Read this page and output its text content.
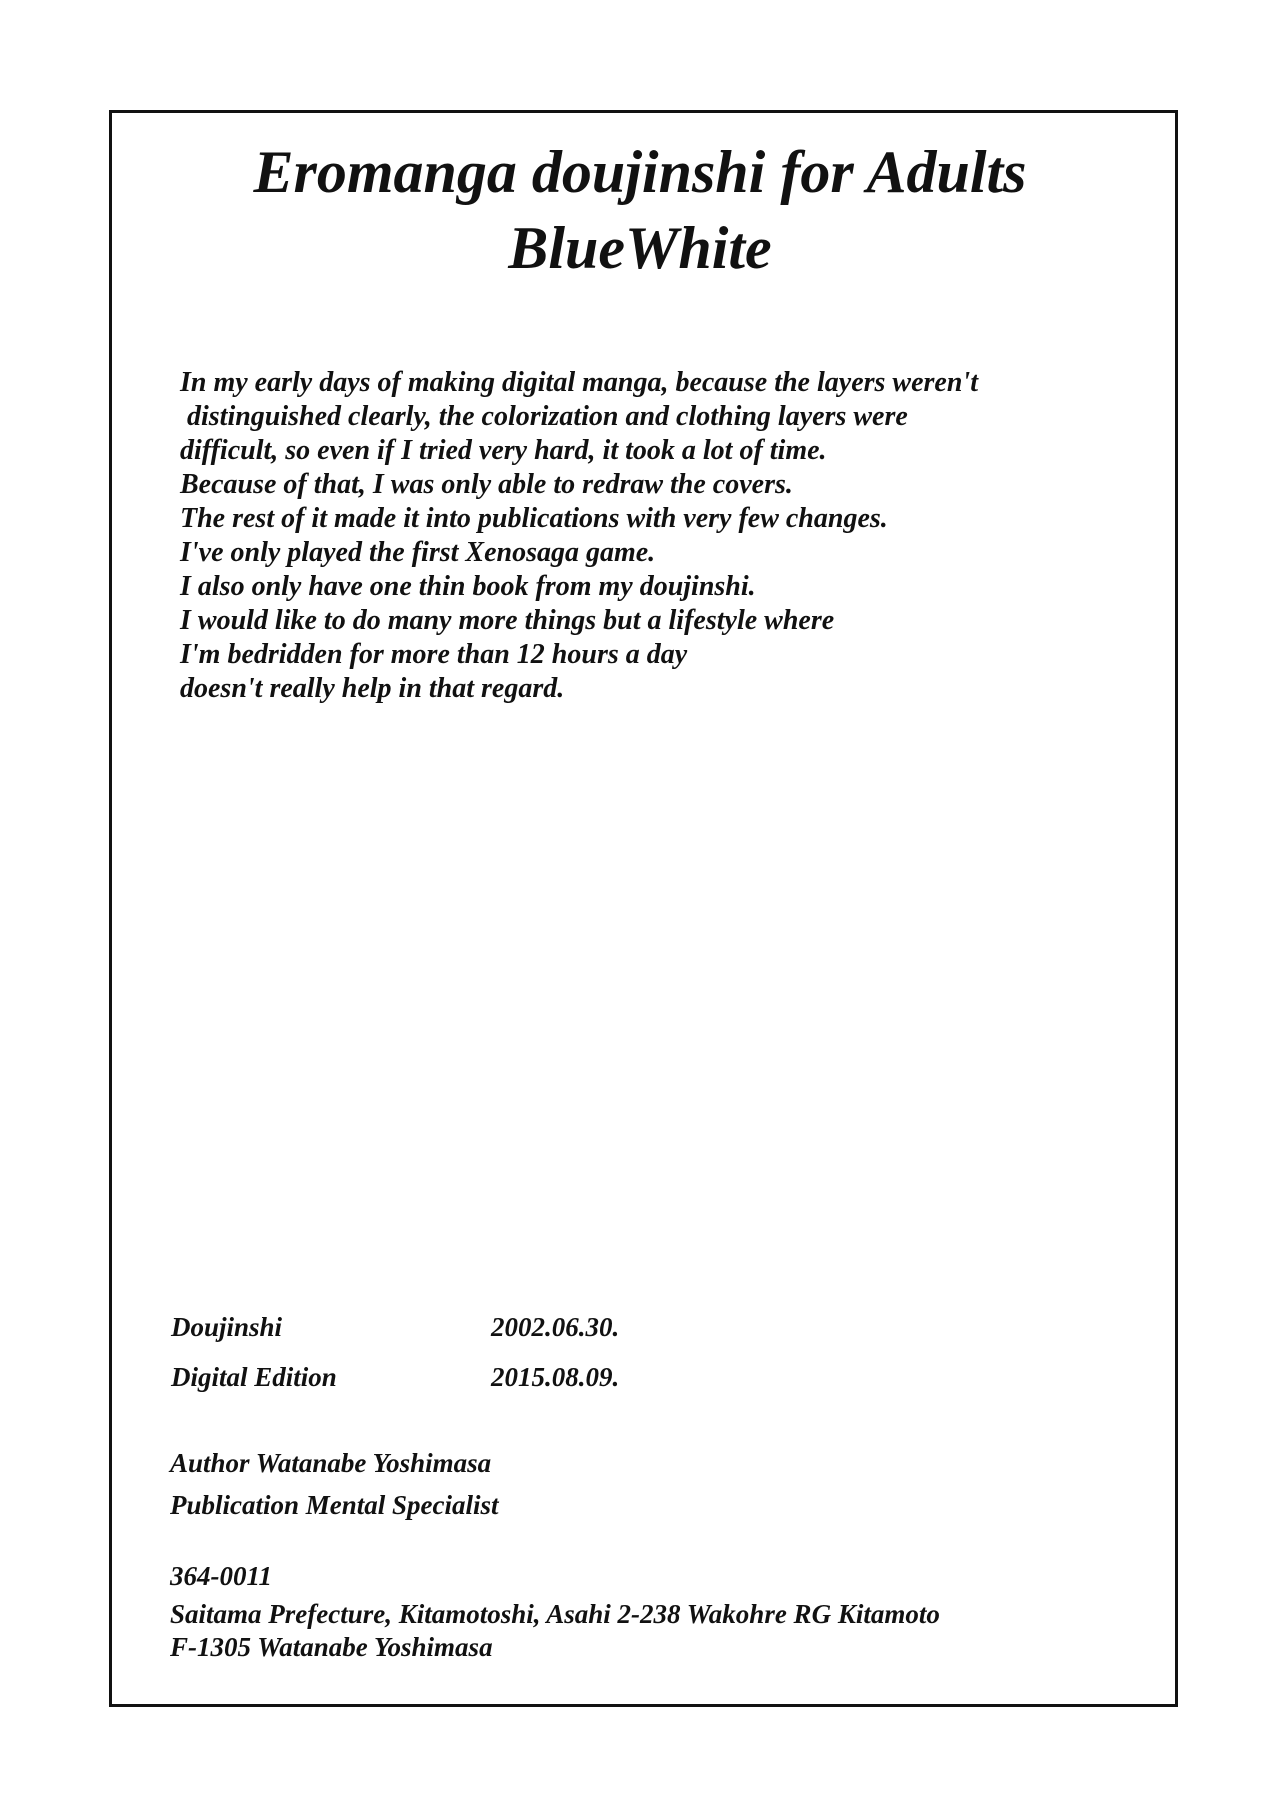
Eromanga doujinshi for Adults
BlueWhite
In my early days of making digital manga, because the layers weren't
distinguished clearly, the colorization and clothing layers were
difficult, so even if I tried very hard, it took a lot of time.
Because of that, I was only able to redraw the covers.
The rest of it made it into publications with very few changes.
I've only played the first Xenosaga game.
I also only have one thin book from my doujinshi.
I would like to do many more things but a lifestyle where
I'm bedridden for more than 12 hours a day
doesn't really help in that regard.
Doujinshi	2002.06.30.
Digital Edition	2015.08.09.
Author Watanabe Yoshimasa
Publication Mental Specialist
364-0011
Saitama Prefecture, Kitamotoshi, Asahi 2-238 Wakohre RG Kitamoto
F-1305 Watanabe Yoshimasa
